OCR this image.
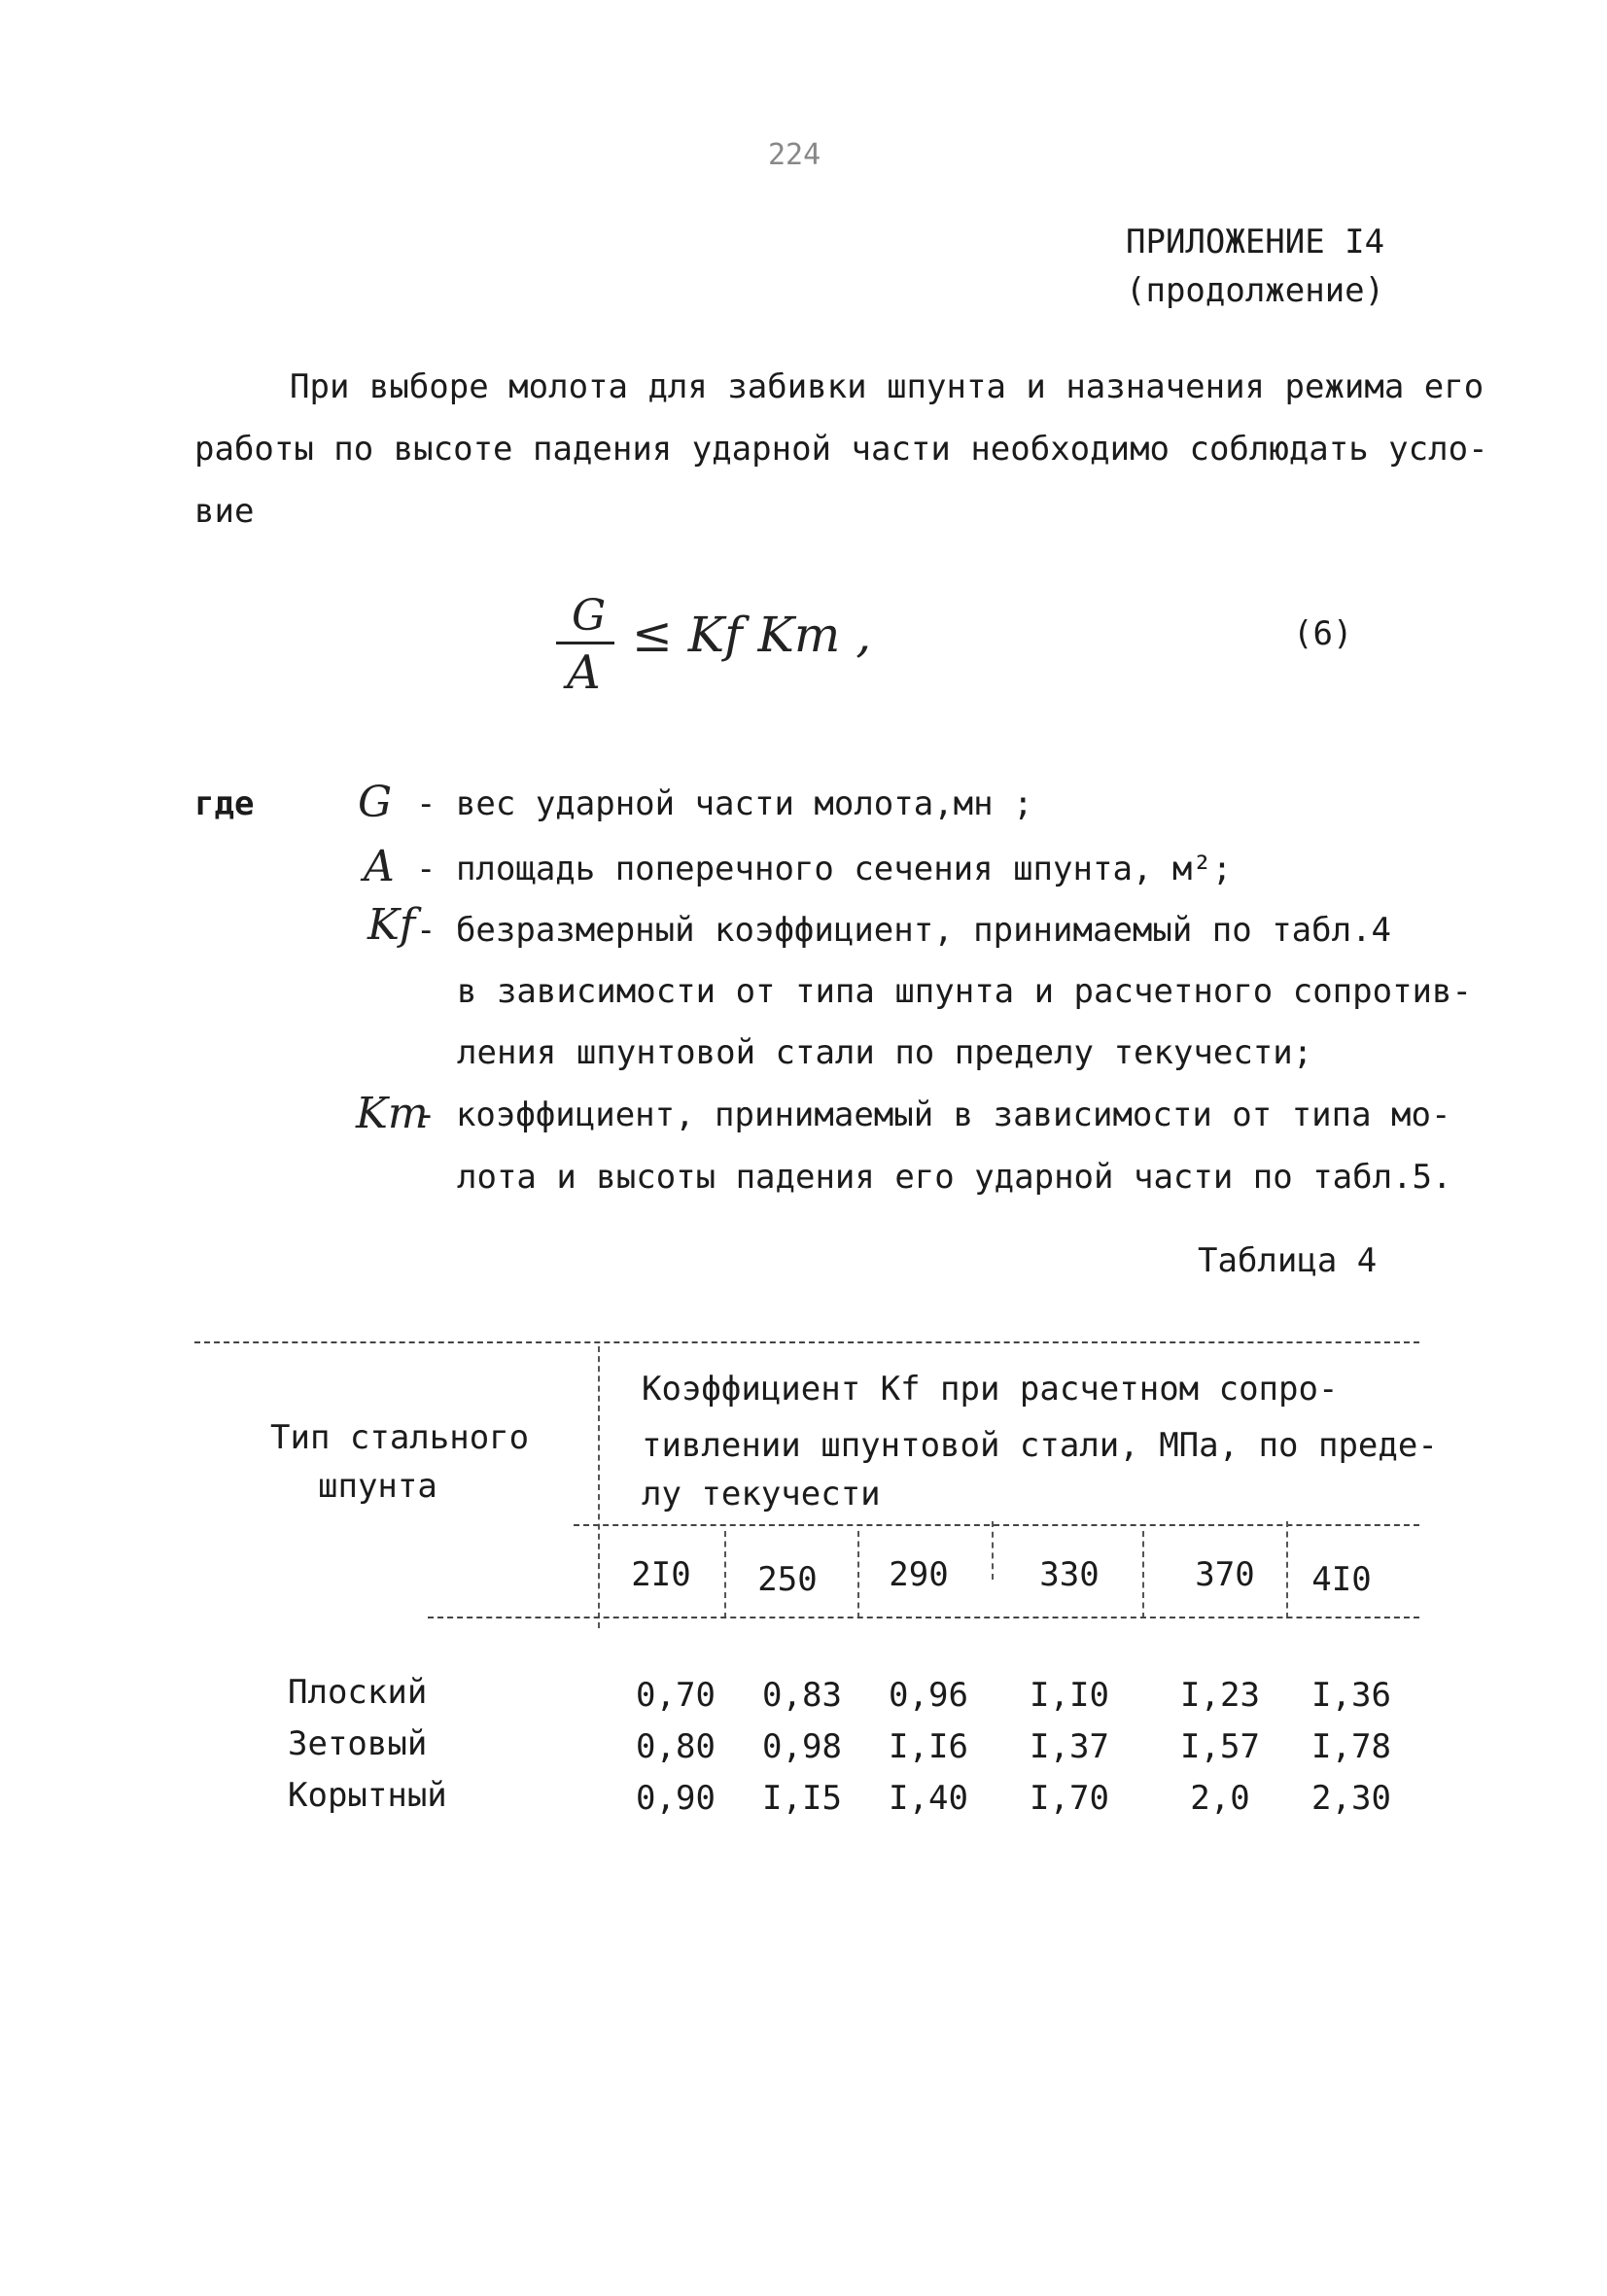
224
ПРИЛОЖЕНИЕ I4
(продолжение)
При выборе молота для забивки шпунта и назначения режима его
работы по высоте падения ударной части необходимо соблюдать усло-
вие
G
A
≤ Kf Km ,	(6)
где G - вес ударной части молота,мн ;
A - площадь поперечного сечения шпунта, м²;
Kf - безразмерный коэффициент, принимаемый по табл.4
в зависимости от типа шпунта и расчетного сопротив-
ления шпунтовой стали по пределу текучести;
Km
- коэффициент, принимаемый в зависимости от типа мо-
лота и высоты падения его ударной части по табл.5.
Таблица 4
Тип стального
шпунта
Коэффициент Kf при расчетном сопро-
тивлении шпунтовой стали, МПа, по преде-
лу текучести
2I0	250	290	330	370	4I0
Плоский	0,70 0,83 0,96 I,I0 I,23 I,36
Зетовый	0,80 0,98 I,I6 I,37 I,57 I,78
Корытный	0,90 I,I5 I,40 I,70	2,0	2,30
